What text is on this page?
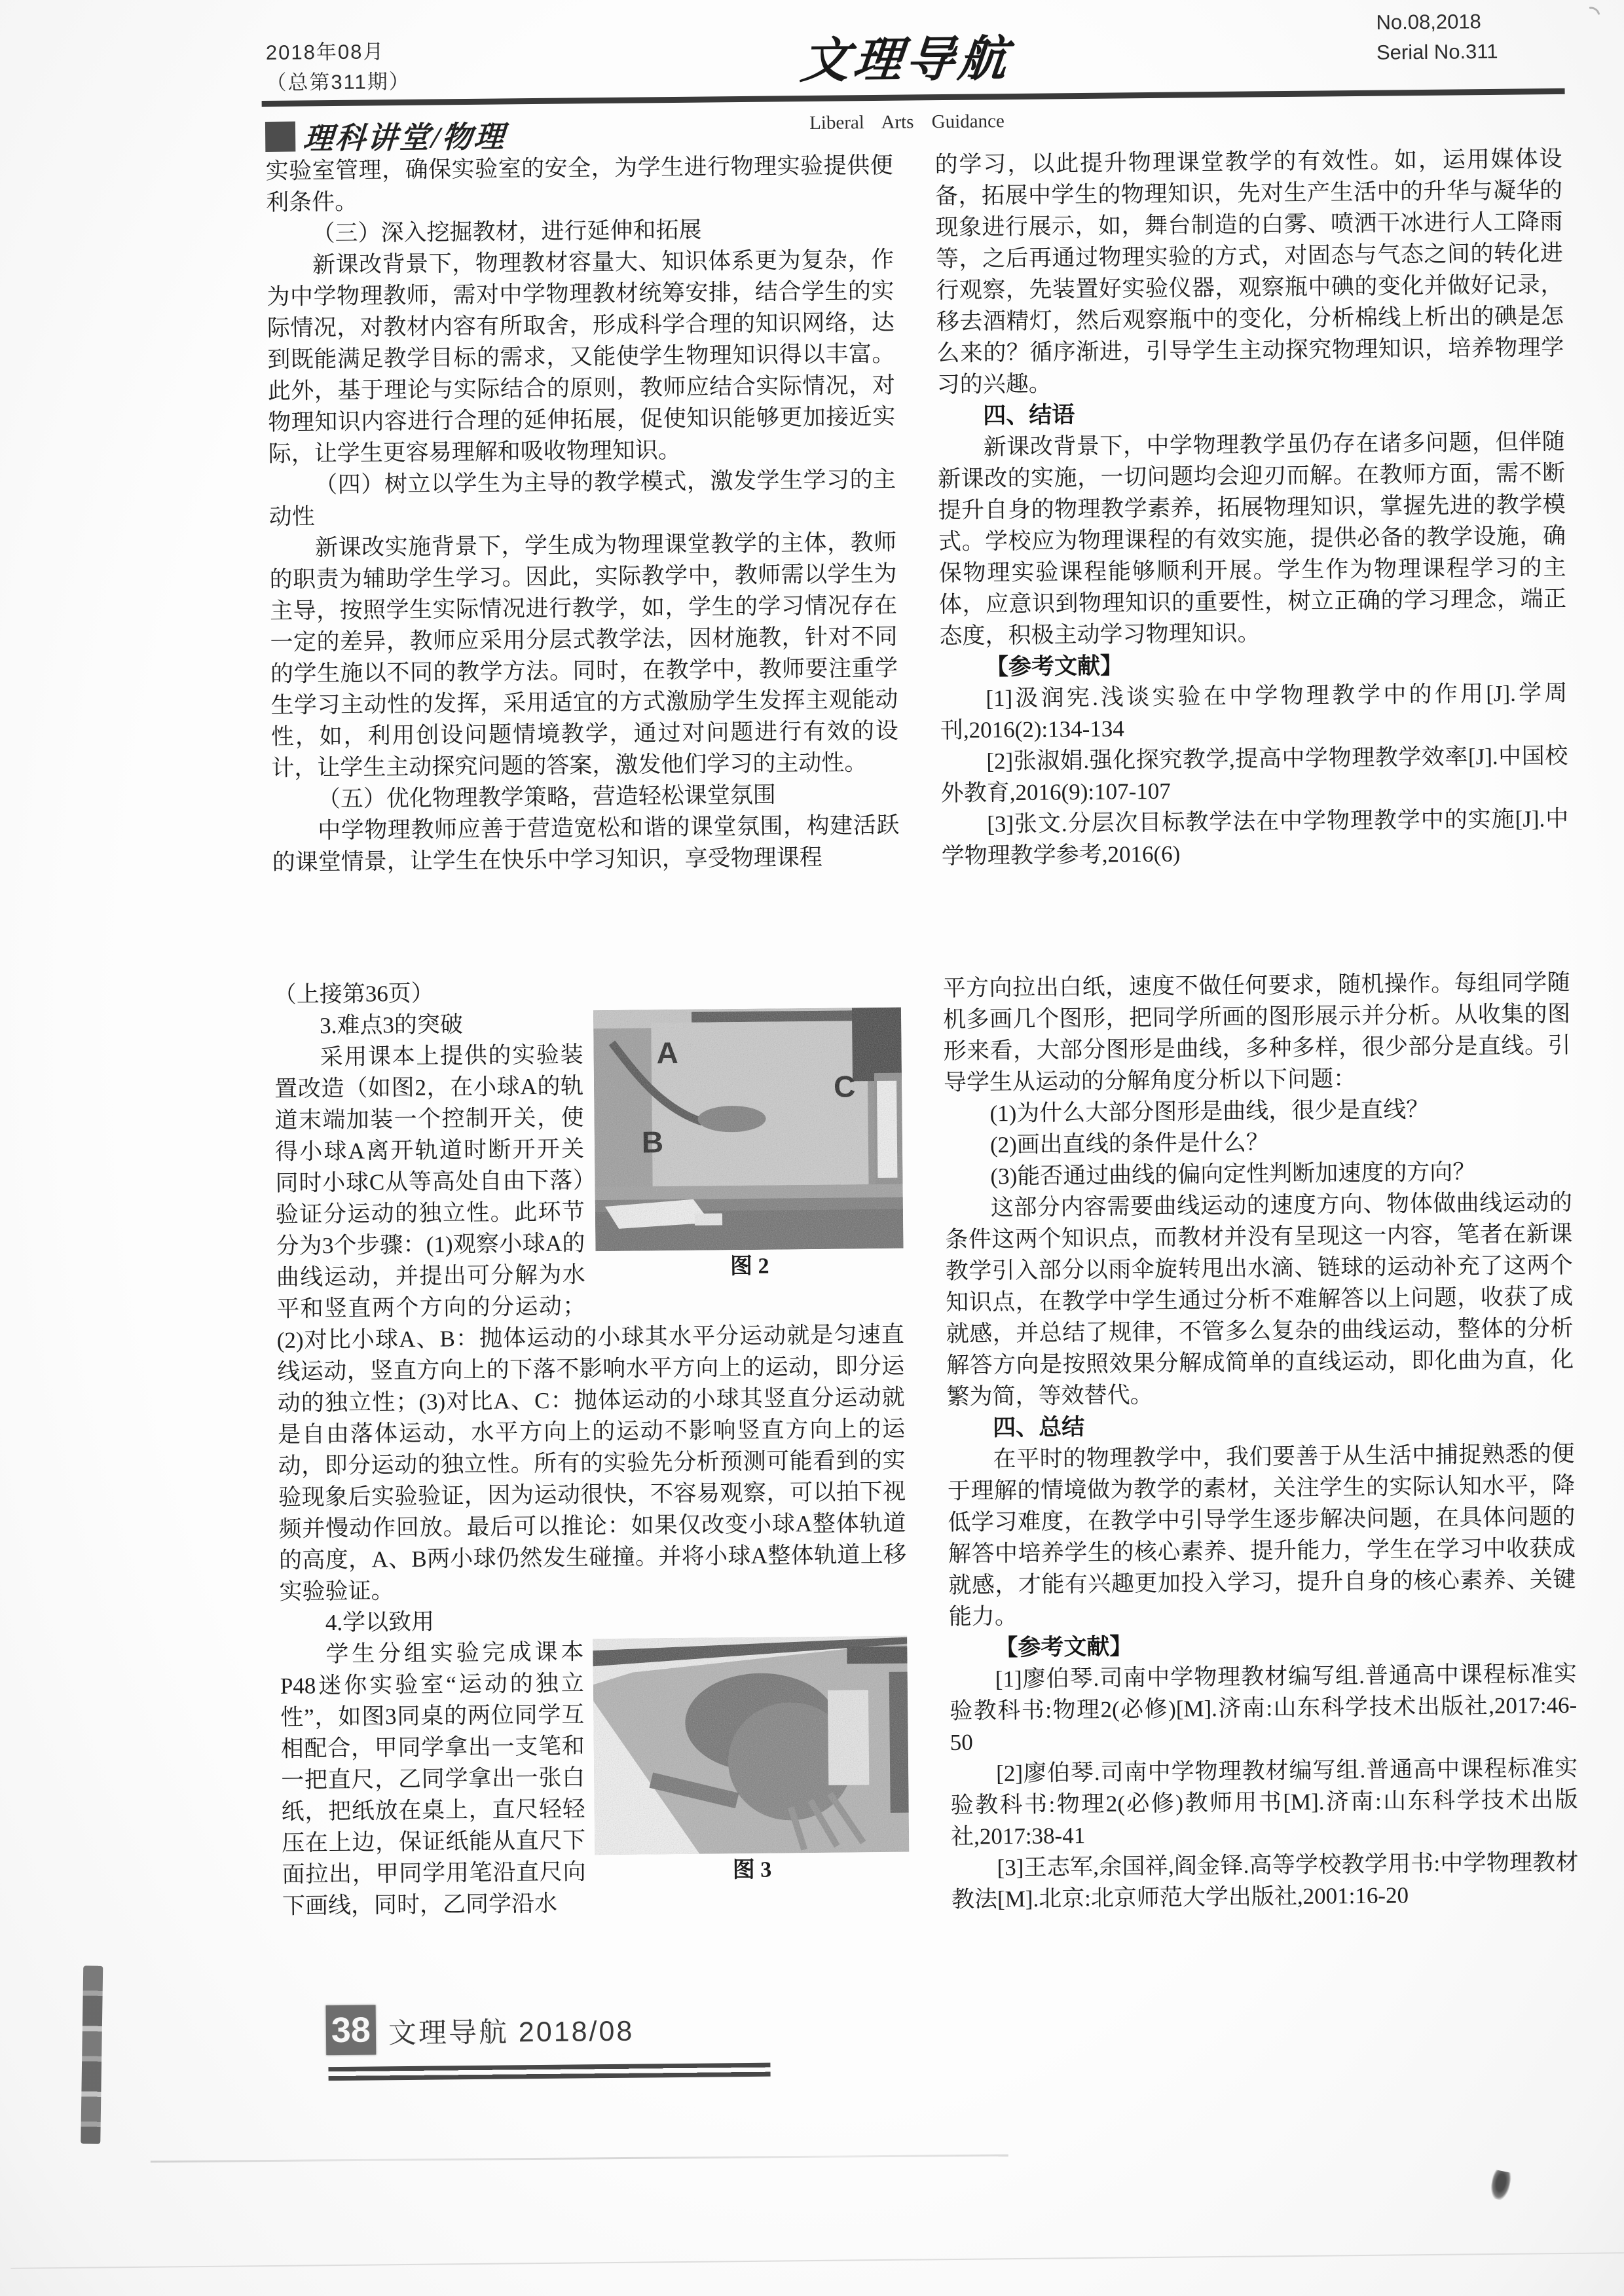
2018年08月
（总第311期）	文理导航
No.08,2018
Serial No.311
Liberal Arts Guidance
理科讲堂/物理

实验室管理，确保实验室的安全，为学生进行物理实验提供便利条件。

（三）深入挖掘教材，进行延伸和拓展

新课改背景下，物理教材容量大、知识体系更为复杂，作为中学物理教师，需对中学物理教材统筹安排，结合学生的实际情况，对教材内容有所取舍，形成科学合理的知识网络，达到既能满足教学目标的需求，又能使学生物理知识得以丰富。此外，基于理论与实际结合的原则，教师应结合实际情况，对物理知识内容进行合理的延伸拓展，促使知识能够更加接近实际，让学生更容易理解和吸收物理知识。

（四）树立以学生为主导的教学模式，激发学生学习的主动性

新课改实施背景下，学生成为物理课堂教学的主体，教师的职责为辅助学生学习。因此，实际教学中，教师需以学生为主导，按照学生实际情况进行教学，如，学生的学习情况存在一定的差异，教师应采用分层式教学法，因材施教，针对不同的学生施以不同的教学方法。同时，在教学中，教师要注重学生学习主动性的发挥，采用适宜的方式激励学生发挥主观能动性，如，利用创设问题情境教学，通过对问题进行有效的设计，让学生主动探究问题的答案，激发他们学习的主动性。

（五）优化物理教学策略，营造轻松课堂氛围

中学物理教师应善于营造宽松和谐的课堂氛围，构建活跃的课堂情景，让学生在快乐中学习知识，享受物理课程

的学习，以此提升物理课堂教学的有效性。如，运用媒体设备，拓展中学生的物理知识，先对生产生活中的升华与凝华的现象进行展示，如，舞台制造的白雾、喷洒干冰进行人工降雨等，之后再通过物理实验的方式，对固态与气态之间的转化进行观察，先装置好实验仪器，观察瓶中碘的变化并做好记录，移去酒精灯，然后观察瓶中的变化，分析棉线上析出的碘是怎么来的？循序渐进，引导学生主动探究物理知识，培养物理学习的兴趣。

四、结语

新课改背景下，中学物理教学虽仍存在诸多问题，但伴随新课改的实施，一切问题均会迎刃而解。在教师方面，需不断提升自身的物理教学素养，拓展物理知识，掌握先进的教学模式。学校应为物理课程的有效实施，提供必备的教学设施，确保物理实验课程能够顺利开展。学生作为物理课程学习的主体，应意识到物理知识的重要性，树立正确的学习理念，端正态度，积极主动学习物理知识。

【参考文献】

[1]汲润宪.浅谈实验在中学物理教学中的作用[J].学周刊,2016(2):134-134

[2]张淑娟.强化探究教学,提高中学物理教学效率[J].中国校外教育,2016(9):107-107

[3]张文.分层次目标教学法在中学物理教学中的实施[J].中学物理教学参考,2016(6)

（上接第36页）

图 2

3.难点3的突破

采用课本上提供的实验装置改造（如图2，在小球A的轨道末端加装一个控制开关，使得小球A离开轨道时断开开关同时小球C从等高处自由下落）验证分运动的独立性。此环节分为3个步骤：(1)观察小球A的曲线运动，并提出可分解为水平和竖直两个方向的分运动；(2)对比小球A、B：抛体运动的小球其水平分运动就是匀速直线运动，竖直方向上的下落不影响水平方向上的运动，即分运动的独立性；(3)对比A、C：抛体运动的小球其竖直分运动就是自由落体运动，水平方向上的运动不影响竖直方向上的运动，即分运动的独立性。所有的实验先分析预测可能看到的实验现象后实验验证，因为运动很快，不容易观察，可以拍下视频并慢动作回放。最后可以推论：如果仅改变小球A整体轨道的高度，A、B两小球仍然发生碰撞。并将小球A整体轨道上移实验验证。

4.学以致用

图 3

学生分组实验完成课本P48迷你实验室“运动的独立性”，如图3同桌的两位同学互相配合，甲同学拿出一支笔和一把直尺，乙同学拿出一张白纸，把纸放在桌上，直尺轻轻压在上边，保证纸能从直尺下面拉出，甲同学用笔沿直尺向下画线，同时，乙同学沿水

平方向拉出白纸，速度不做任何要求，随机操作。每组同学随机多画几个图形，把同学所画的图形展示并分析。从收集的图形来看，大部分图形是曲线，多种多样，很少部分是直线。引导学生从运动的分解角度分析以下问题：

(1)为什么大部分图形是曲线，很少是直线？

(2)画出直线的条件是什么？

(3)能否通过曲线的偏向定性判断加速度的方向？

这部分内容需要曲线运动的速度方向、物体做曲线运动的条件这两个知识点，而教材并没有呈现这一内容，笔者在新课教学引入部分以雨伞旋转甩出水滴、链球的运动补充了这两个知识点，在教学中学生通过分析不难解答以上问题，收获了成就感，并总结了规律，不管多么复杂的曲线运动，整体的分析解答方向是按照效果分解成简单的直线运动，即化曲为直，化繁为简，等效替代。

四、总结

在平时的物理教学中，我们要善于从生活中捕捉熟悉的便于理解的情境做为教学的素材，关注学生的实际认知水平，降低学习难度，在教学中引导学生逐步解决问题，在具体问题的解答中培养学生的核心素养、提升能力，学生在学习中收获成就感，才能有兴趣更加投入学习，提升自身的核心素养、关键能力。

【参考文献】

[1]廖伯琴.司南中学物理教材编写组.普通高中课程标准实验教科书:物理2(必修)[M].济南:山东科学技术出版社,2017:46-50

[2]廖伯琴.司南中学物理教材编写组.普通高中课程标准实验教科书:物理2(必修)教师用书[M].济南:山东科学技术出版社,2017:38-41

[3]王志军,余国祥,阎金铎.高等学校教学用书:中学物理教材教法[M].北京:北京师范大学出版社,2001:16-20

38 文理导航 2018/08
